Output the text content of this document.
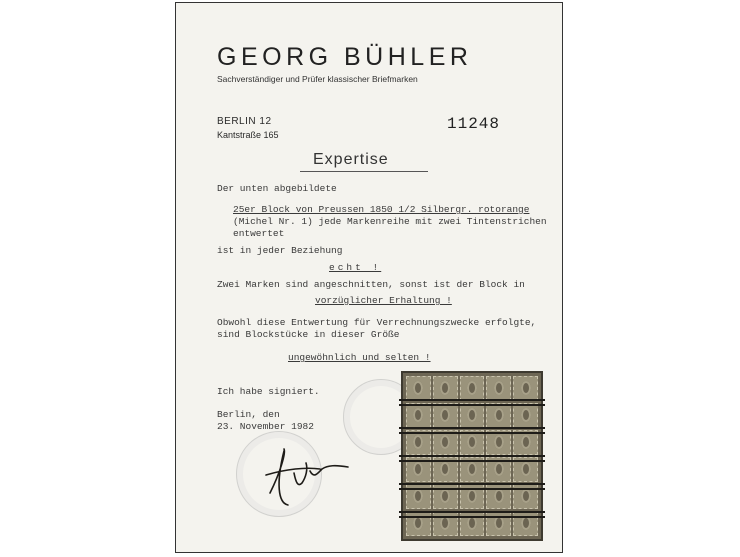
GEORG BÜHLER
Sachverständiger und Prüfer klassischer Briefmarken
BERLIN 12
Kantstraße 165
11248
Expertise
Der unten abgebildete
25er Block von Preussen 1850 1/2 Silbergr. rotorange
(Michel Nr. 1) jede Markenreihe mit zwei Tintenstrichen
entwertet
ist in jeder Beziehung
echt !
Zwei Marken sind angeschnitten, sonst ist der Block in
vorzüglicher Erhaltung !
Obwohl diese Entwertung für Verrechnungszwecke erfolgte,
sind Blockstücke in dieser Größe
ungewöhnlich und selten !
Ich habe signiert.
Berlin, den
23. November 1982
